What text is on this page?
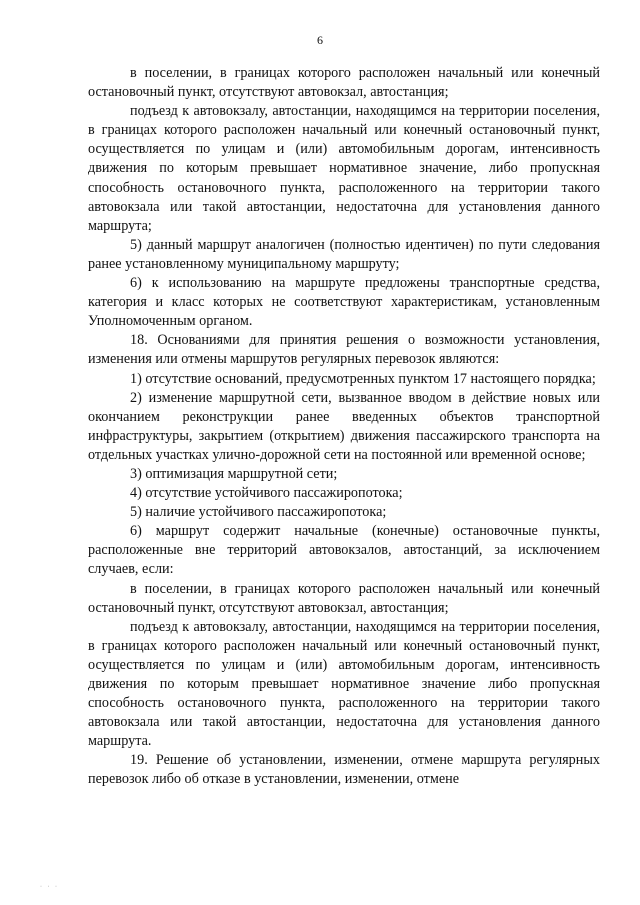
6

в поселении, в границах которого расположен начальный или конечный остановочный пункт, отсутствуют автовокзал, автостанция;

подъезд к автовокзалу, автостанции, находящимся на территории поселения, в границах которого расположен начальный или конечный остановочный пункт, осуществляется по улицам и (или) автомобильным дорогам, интенсивность движения по которым превышает нормативное значение, либо пропускная способность остановочного пункта, расположенного на территории такого автовокзала или такой автостанции, недостаточна для установления данного маршрута;

5) данный маршрут аналогичен (полностью идентичен) по пути следования ранее установленному муниципальному маршруту;

6) к использованию на маршруте предложены транспортные средства, категория и класс которых не соответствуют характеристикам, установленным Уполномоченным органом.

18. Основаниями для принятия решения о возможности установления, изменения или отмены маршрутов регулярных перевозок являются:

1) отсутствие оснований, предусмотренных пунктом 17 настоящего порядка;

2) изменение маршрутной сети, вызванное вводом в действие новых или окончанием реконструкции ранее введенных объектов транспортной инфраструктуры, закрытием (открытием) движения пассажирского транспорта на отдельных участках улично-дорожной сети на постоянной или временной основе;

3) оптимизация маршрутной сети;

4) отсутствие устойчивого пассажиропотока;

5) наличие устойчивого пассажиропотока;

6) маршрут содержит начальные (конечные) остановочные пункты, расположенные вне территорий автовокзалов, автостанций, за исключением случаев, если:

в поселении, в границах которого расположен начальный или конечный остановочный пункт, отсутствуют автовокзал, автостанция;

подъезд к автовокзалу, автостанции, находящимся на территории поселения, в границах которого расположен начальный или конечный остановочный пункт, осуществляется по улицам и (или) автомобильным дорогам, интенсивность движения по которым превышает нормативное значение либо пропускная способность остановочного пункта, расположенного на территории такого автовокзала или такой автостанции, недостаточна для установления данного маршрута.

19. Решение об установлении, изменении, отмене маршрута регулярных перевозок либо об отказе в установлении, изменении, отмене

· · ·
